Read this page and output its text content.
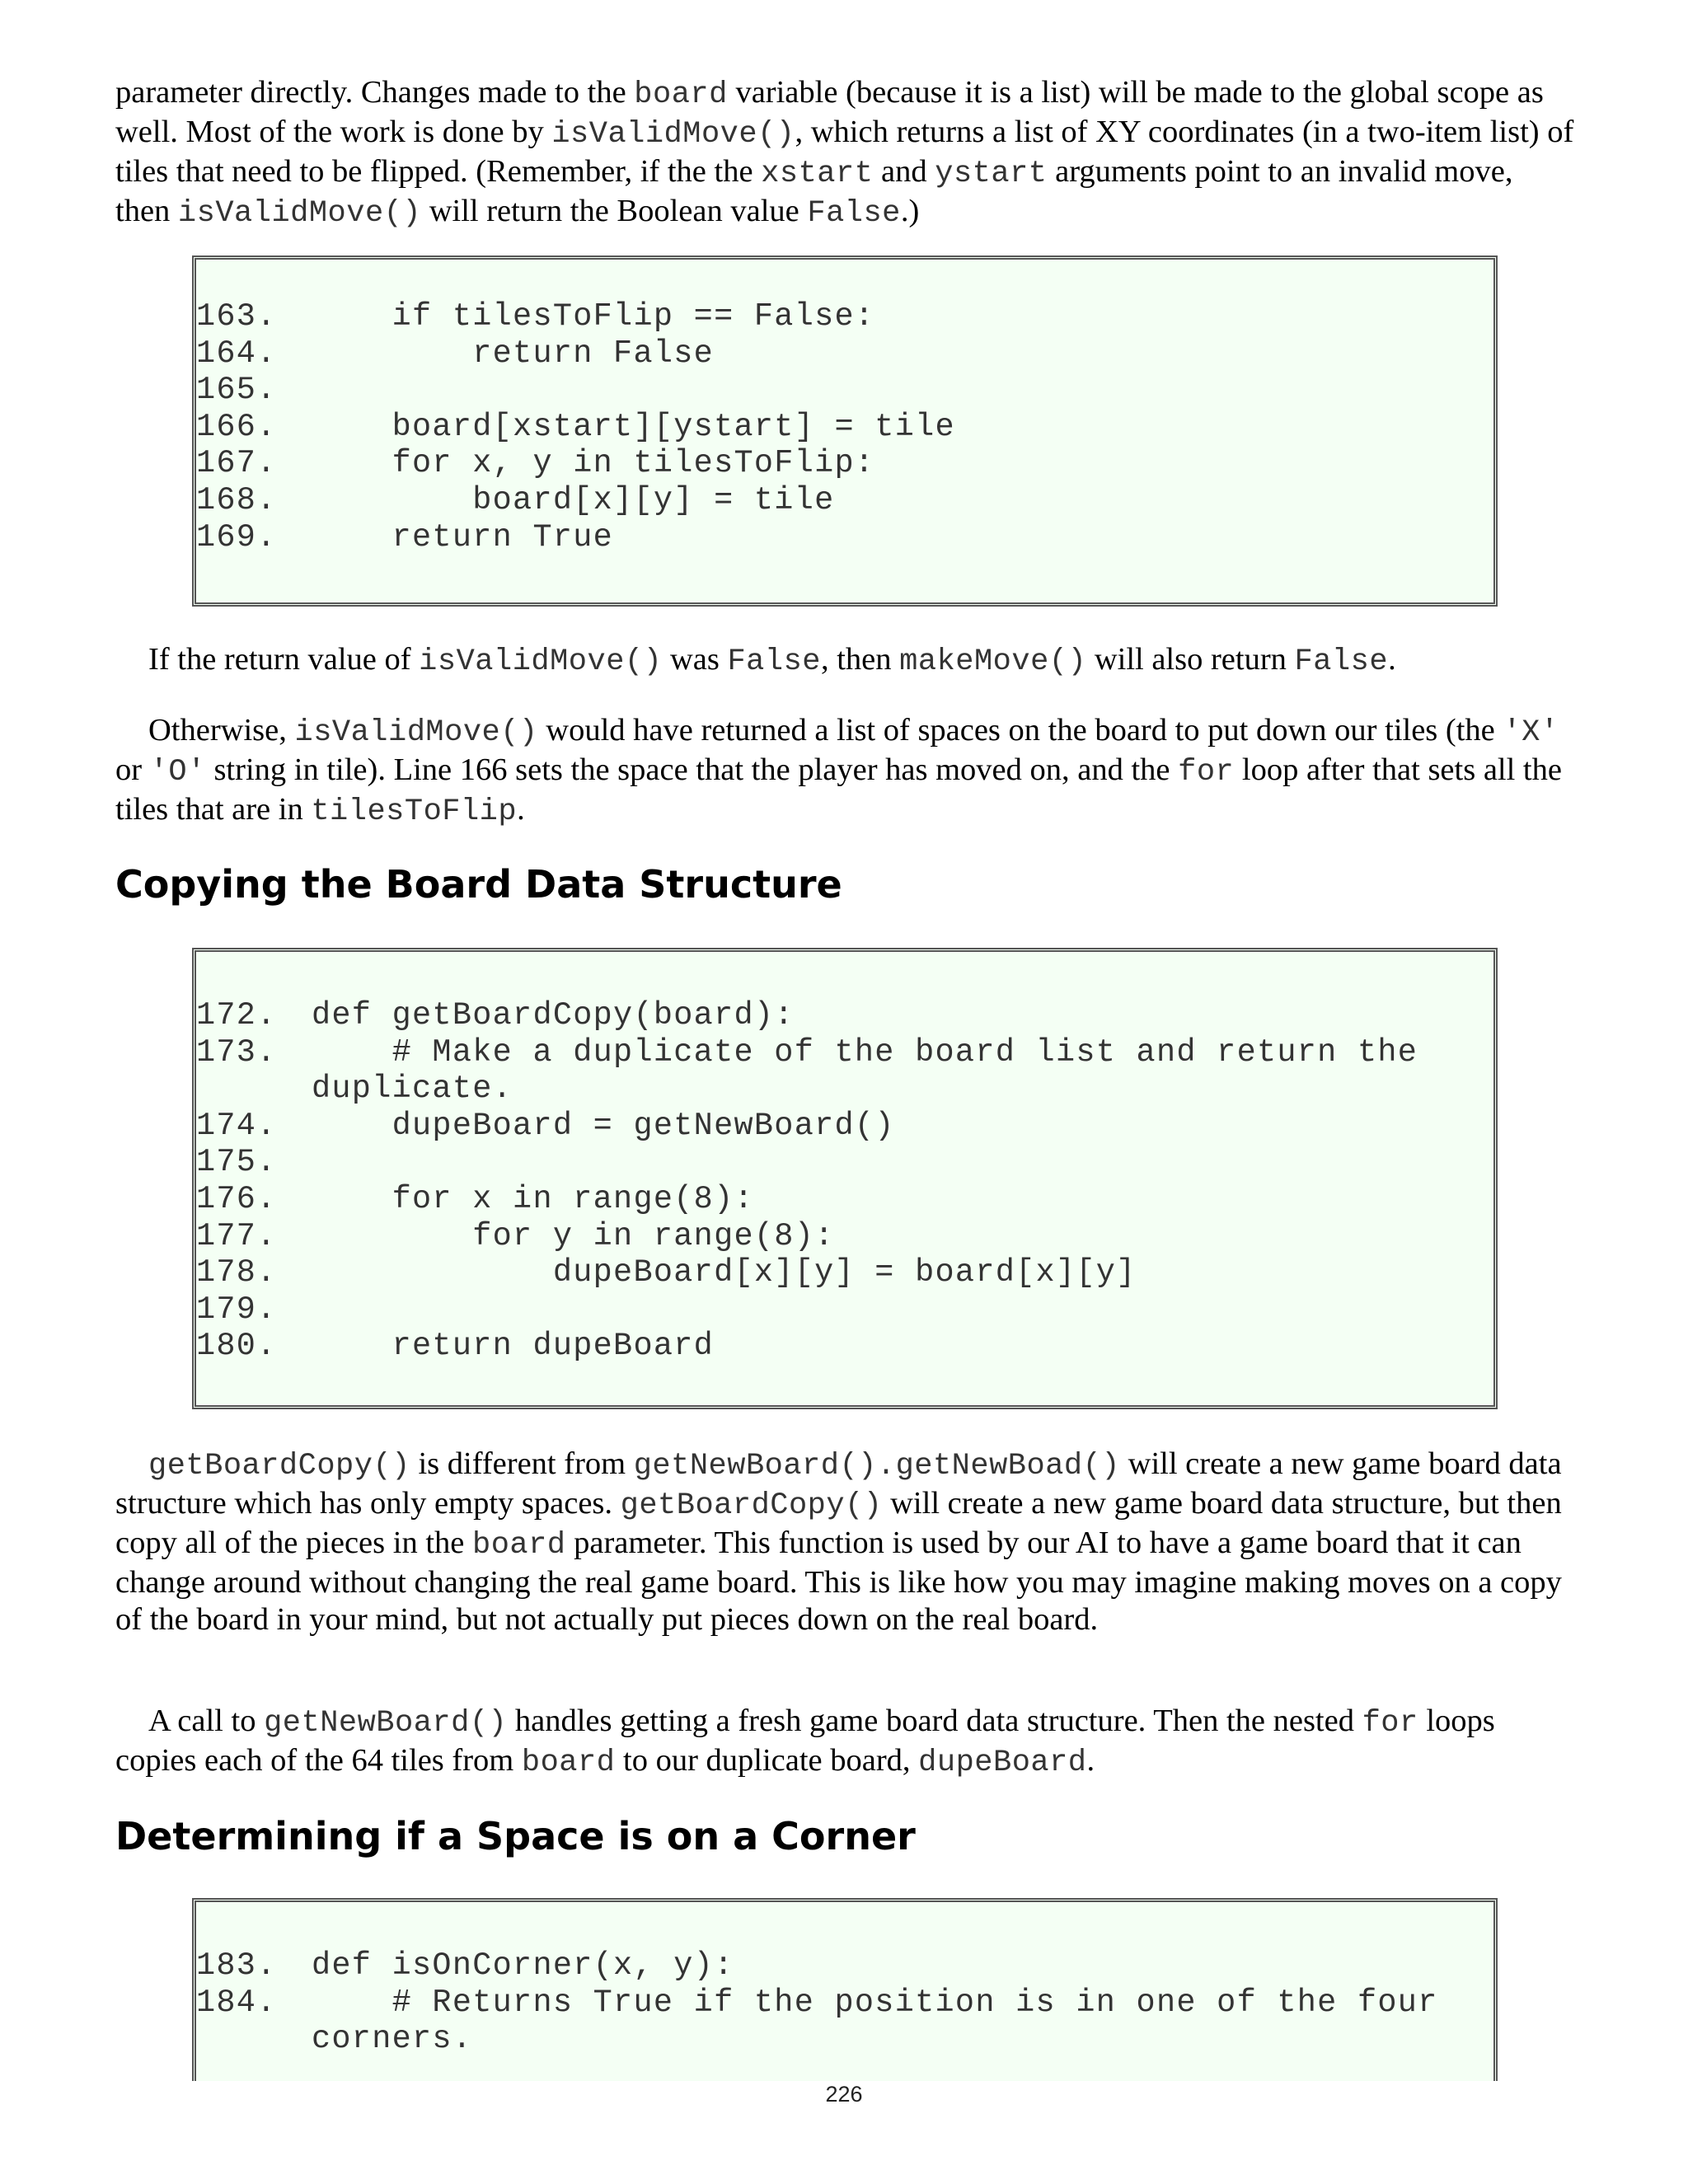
parameter directly. Changes made to the board variable (because it is a list) will be made to the global scope as well. Most of the work is done by isValidMove(), which returns a list of XY coordinates (in a two-item list) of tiles that need to be flipped. (Remember, if the the xstart and ystart arguments point to an invalid move, then isValidMove() will return the Boolean value False.)

163.    if tilesToFlip == False:
164.        return False
165.
166.    board[xstart][ystart] = tile
167.    for x, y in tilesToFlip:
168.        board[x][y] = tile
169.    return True

If the return value of isValidMove() was False, then makeMove() will also return False.

Otherwise, isValidMove() would have returned a list of spaces on the board to put down our tiles (the 'X' or 'O' string in tile). Line 166 sets the space that the player has moved on, and the for loop after that sets all the tiles that are in tilesToFlip.

Copying the Board Data Structure
172. def getBoardCopy(board):
173.    # Make a duplicate of the board list and return the
duplicate.
174.    dupeBoard = getNewBoard()
175.
176.    for x in range(8):
177.        for y in range(8):
178.            dupeBoard[x][y] = board[x][y]
179.
180.    return dupeBoard

getBoardCopy() is different from getNewBoard().getNewBoad() will create a new game board data structure which has only empty spaces. getBoardCopy() will create a new game board data structure, but then copy all of the pieces in the board parameter. This function is used by our AI to have a game board that it can change around without changing the real game board. This is like how you may imagine making moves on a copy of the board in your mind, but not actually put pieces down on the real board.

A call to getNewBoard() handles getting a fresh game board data structure. Then the nested for loops copies each of the 64 tiles from board to our duplicate board, dupeBoard.

Determining if a Space is on a Corner
183. def isOnCorner(x, y):
184.    # Returns True if the position is in one of the four
corners.
226
